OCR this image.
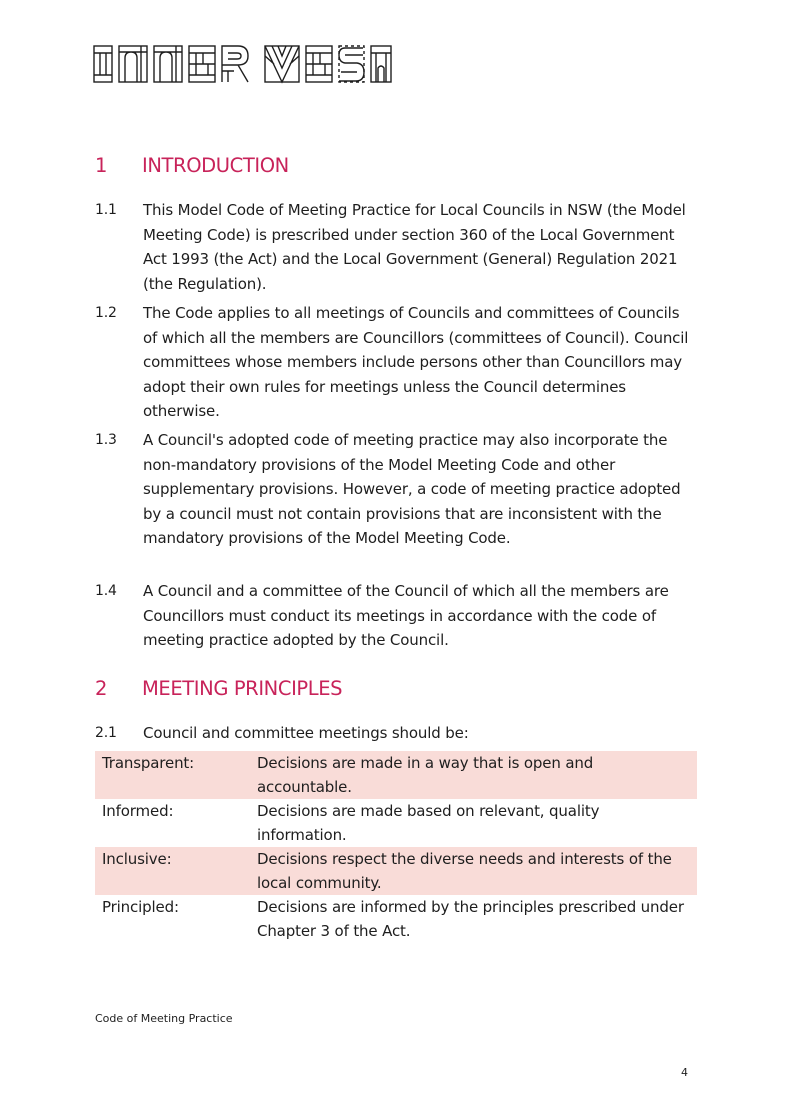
1 INTRODUCTION
1.1 This Model Code of Meeting Practice for Local Councils in NSW (the Model Meeting Code) is prescribed under section 360 of the Local Government Act 1993 (the Act) and the Local Government (General) Regulation 2021 (the Regulation).
1.2 The Code applies to all meetings of Councils and committees of Councils of which all the members are Councillors (committees of Council). Council committees whose members include persons other than Councillors may adopt their own rules for meetings unless the Council determines otherwise.
1.3 A Council's adopted code of meeting practice may also incorporate the non-mandatory provisions of the Model Meeting Code and other supplementary provisions. However, a code of meeting practice adopted by a council must not contain provisions that are inconsistent with the mandatory provisions of the Model Meeting Code.
1.4 A Council and a committee of the Council of which all the members are Councillors must conduct its meetings in accordance with the code of meeting practice adopted by the Council.
2 MEETING PRINCIPLES
2.1 Council and committee meetings should be:
Transparent:	Decisions are made in a way that is open and accountable.
Informed:	Decisions are made based on relevant, quality information.
Inclusive:	Decisions respect the diverse needs and interests of the local community.
Principled:	Decisions are informed by the principles prescribed under Chapter 3 of the Act.
Code of Meeting Practice
4
